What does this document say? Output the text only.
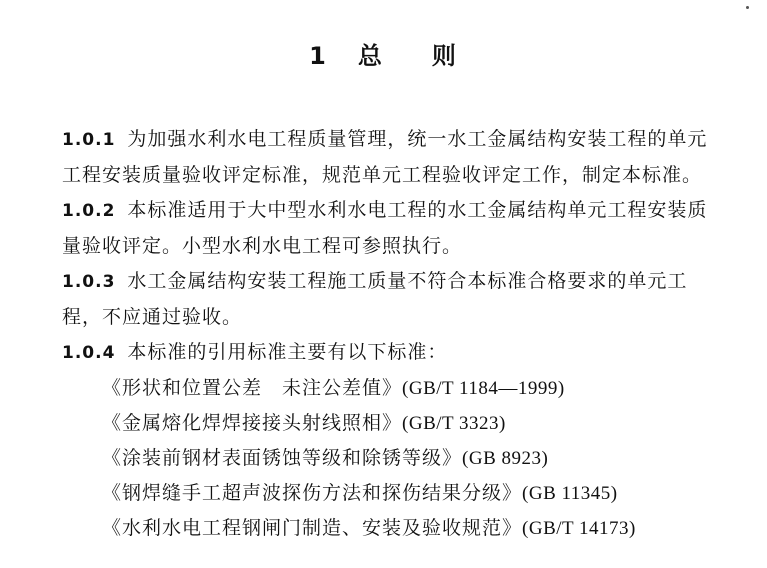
1 总 则

1.0.1 为加强水利水电工程质量管理，统一水工金属结构安装工程的单元工程安装质量验收评定标准，规范单元工程验收评定工作，制定本标准。

1.0.2 本标准适用于大中型水利水电工程的水工金属结构单元工程安装质量验收评定。小型水利水电工程可参照执行。

1.0.3 水工金属结构安装工程施工质量不符合本标准合格要求的单元工程，不应通过验收。

1.0.4 本标准的引用标准主要有以下标准：

《形状和位置公差　未注公差值》(GB/T 1184—1999)
《金属熔化焊焊接接头射线照相》(GB/T 3323)
《涂装前钢材表面锈蚀等级和除锈等级》(GB 8923)
《钢焊缝手工超声波探伤方法和探伤结果分级》(GB 11345)
《水利水电工程钢闸门制造、安装及验收规范》(GB/T 14173)
